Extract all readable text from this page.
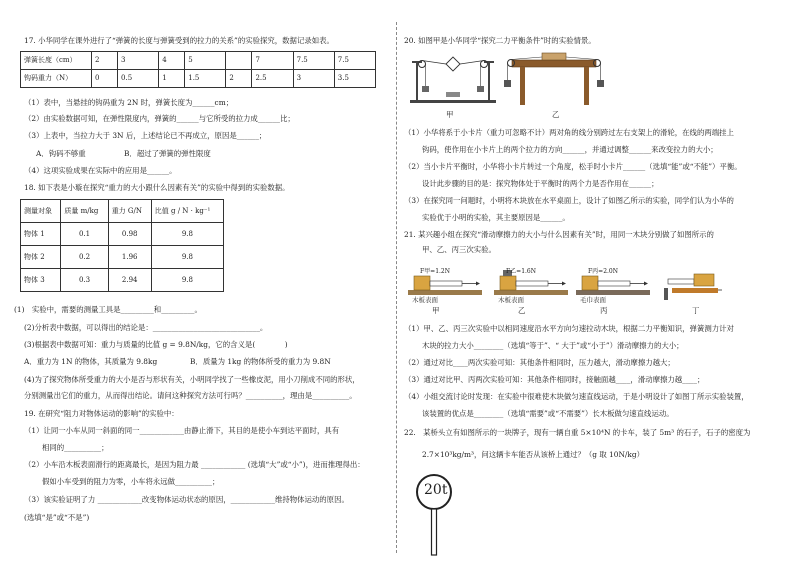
17. 小华同学在课外进行了“弹簧的长度与弹簧受到的拉力的关系”的实验探究，数据记录如表。
弹簧长度（cm）	2	3	4	5		7	7.5	7.5
钩码重力（N）	0	0.5	1	1.5	2	2.5	3	3.5
（1）表中，当悬挂的钩码重为 2N 时，弹簧长度为______cm；
（2）由实验数据可知，在弹性限度内，弹簧的______与它所受的拉力成______比；
（3）上表中，当拉力大于 3N 后，上述结论已不再成立，原因是______；
A．钩码不够重	B．超过了弹簧的弹性限度
（4）这项实验成果在实际中的应用是______。
18. 如下表是小璇在探究“重力的大小跟什么因素有关”的实验中得到的实验数据。
测量对象	质量 m/kg	重力 G/N	比值 g / N · kg⁻¹
物体 1	0.1	0.98	9.8
物体 2	0.2	1.96	9.8
物体 3	0.3	2.94	9.8
(1)　实验中，需要的测量工具是_________和_________。
(2)分析表中数据，可以得出的结论是：_____________________________。
(3)根据表中数据可知：重力与质量的比值 g = 9.8N/kg，它的含义是(　　　　)
A．重力为 1N 的物体，其质量为 9.8kg	B．质量为 1kg 的物体所受的重力为 9.8N
(4)为了探究物体所受重力的大小是否与形状有关，小明同学找了一些橡皮泥，用小刀削成不同的形状，
分别测量出它们的重力，从而得出结论。请问这种探究方法可行吗？__________，理由是__________。
19. 在研究“阻力对物体运动的影响”的实验中：
（1）让同一小车从同一斜面的同一____________由静止滑下，其目的是使小车到达平面时，具有
相同的__________；
（2）小车沿木板表面滑行的距离最长，是因为阻力最 ____________ (选填“大”或“小”)，进而推理得出：
假如小车受到的阻力为零，小车将永远做__________；
（3）该实验证明了力 ____________改变物体运动状态的原因，____________维持物体运动的原因。
(选填“是”或“不是”)
20. 如图甲是小华同学“探究二力平衡条件”时的实验情景。
甲	乙
（1）小华将系于小卡片（重力可忽略不计）两对角的线分别跨过左右支架上的滑轮，在线的两端挂上
钩码，使作用在小卡片上的两个拉力的方向______，并通过调整______来改变拉力的大小；
（2）当小卡片平衡时，小华将小卡片转过一个角度，松手时小卡片______（选填“能”或“不能”）平衡。
设计此步骤的目的是：探究物体处于平衡时的两个力是否作用在______；
（3）在探究同一问题时，小明将木块放在水平桌面上，设计了如图乙所示的实验，同学们认为小华的
实验优于小明的实验，其主要原因是______。
21. 某兴趣小组在探究“滑动摩擦力的大小与什么因素有关”时，用同一木块分别做了如图所示的
甲、乙、丙三次实验。
F甲=1.2N	F乙=1.6N	F丙=2.0N
木板表面	木板表面	毛巾表面
甲	乙	丙	丁
（1）甲、乙、丙三次实验中以相同速度沿水平方向匀速拉动木块，根据二力平衡知识，弹簧测力计对
木块的拉力大小________（选填“等于”、“ 大于”或“小于”）滑动摩擦力的大小；
（2）通过对比____两次实验可知：其他条件相同时，压力越大，滑动摩擦力越大；
（3）通过对比甲、丙两次实验可知：其他条件相同时，接触面越____，滑动摩擦力越____；
（4）小组交流讨论时发现：在实验中很难使木块做匀速直线运动，于是小明设计了如图丁所示实验装置，
该装置的优点是________（选填“需要”或“不需要”）长木板做匀速直线运动。
22.　某桥头立有如图所示的一块牌子，现有一辆自重 5×10⁴N 的卡车，装了 5m³ 的石子，石子的密度为
2.7×10³kg/m³，问这辆卡车能否从该桥上通过？（g 取 10N/kg）
20t
